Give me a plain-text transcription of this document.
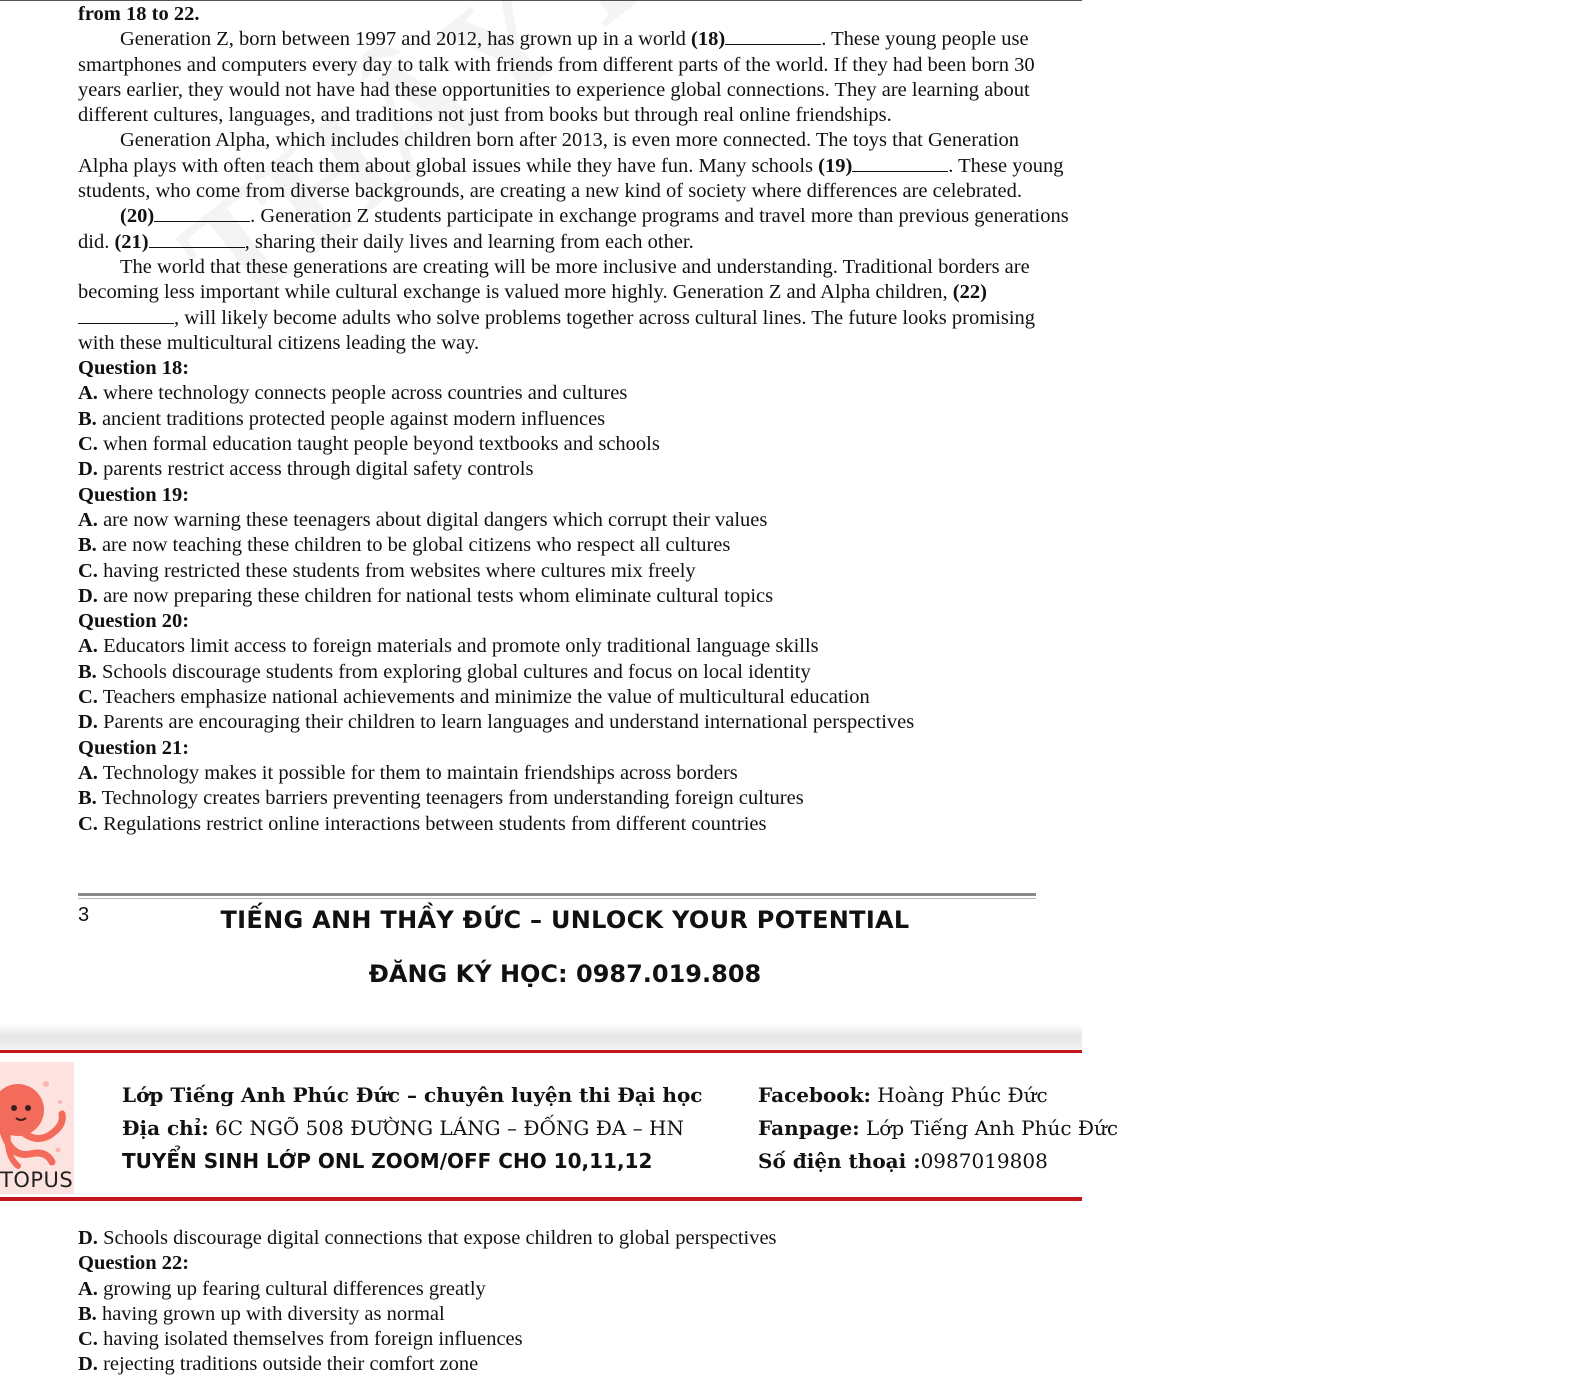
from 18 to 22.

Generation Z, born between 1997 and 2012, has grown up in a world (18)	. These young people use smartphones and computers every day to talk with friends from different parts of the world. If they had been born 30 years earlier, they would not have had these opportunities to experience global connections. They are learning about different cultures, languages, and traditions not just from books but through real online friendships.

Generation Alpha, which includes children born after 2013, is even more connected. The toys that Generation Alpha plays with often teach them about global issues while they have fun. Many schools (19)	. These young students, who come from diverse backgrounds, are creating a new kind of society where differences are celebrated.

(20)	. Generation Z students participate in exchange programs and travel more than previous generations did. (21)	, sharing their daily lives and learning from each other.

The world that these generations are creating will be more inclusive and understanding. Traditional borders are becoming less important while cultural exchange is valued more highly. Generation Z and Alpha children, (22), will likely become adults who solve problems together across cultural lines. The future looks promising with these multicultural citizens leading the way.

Question 18:

A. where technology connects people across countries and cultures

B. ancient traditions protected people against modern influences

C. when formal education taught people beyond textbooks and schools

D. parents restrict access through digital safety controls

Question 19:

A. are now warning these teenagers about digital dangers which corrupt their values

B. are now teaching these children to be global citizens who respect all cultures

C. having restricted these students from websites where cultures mix freely

D. are now preparing these children for national tests whom eliminate cultural topics

Question 20:

A. Educators limit access to foreign materials and promote only traditional language skills

B. Schools discourage students from exploring global cultures and focus on local identity

C. Teachers emphasize national achievements and minimize the value of multicultural education

D. Parents are encouraging their children to learn languages and understand international perspectives

Question 21:

A. Technology makes it possible for them to maintain friendships across borders

B. Technology creates barriers preventing teenagers from understanding foreign cultures

C. Regulations restrict online interactions between students from different countries

3	TIẾNG ANH THẦY ĐỨC – UNLOCK YOUR POTENTIAL
ĐĂNG KÝ HỌC: 0987.019.808
TOPUS
Lớp Tiếng Anh Phúc Đức – chuyên luyện thi Đại học
Địa chỉ: 6C NGÕ 508 ĐƯỜNG LÁNG – ĐỐNG ĐA – HN
TUYỂN SINH LỚP ONL ZOOM/OFF CHO 10,11,12
Facebook: Hoàng Phúc Đức
Fanpage: Lớp Tiếng Anh Phúc Đức
Số điện thoại :0987019808

D. Schools discourage digital connections that expose children to global perspectives

Question 22:

A. growing up fearing cultural differences greatly

B. having grown up with diversity as normal

C. having isolated themselves from foreign influences

D. rejecting traditions outside their comfort zone
